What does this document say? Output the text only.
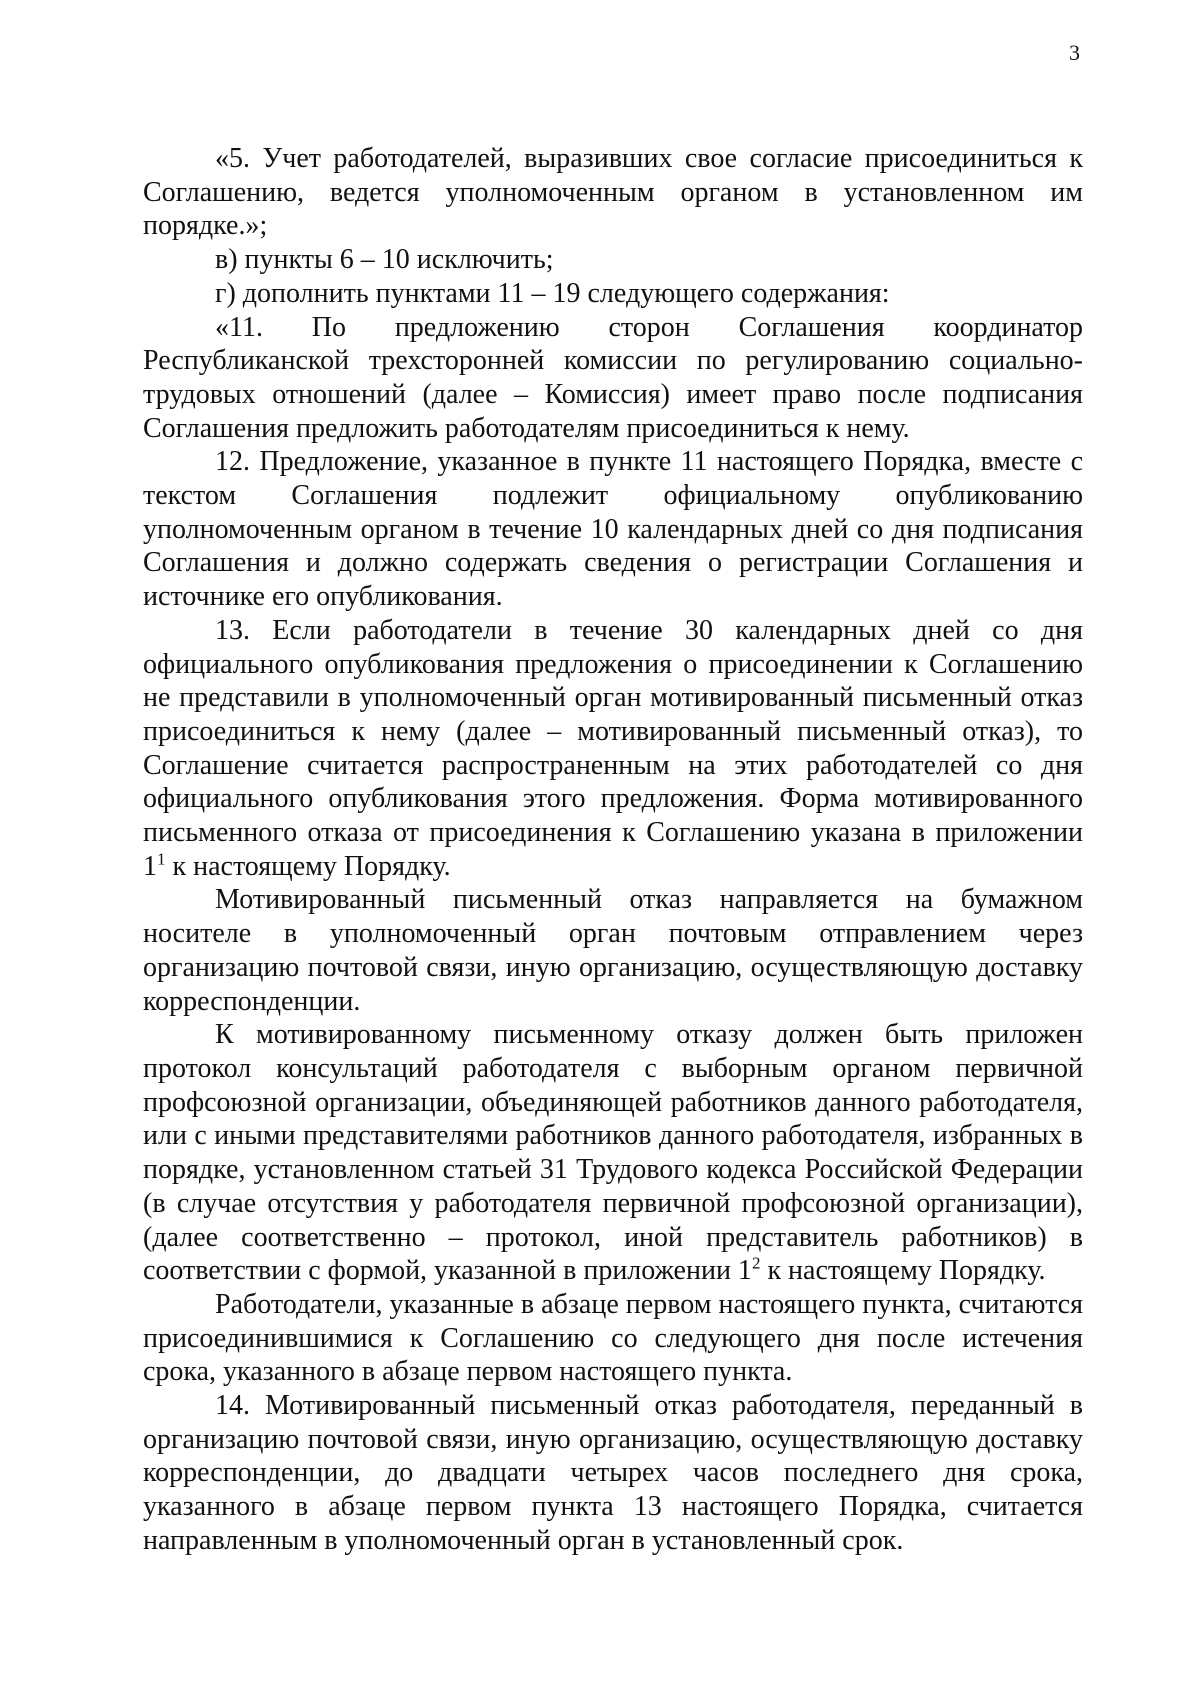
3

«5. Учет работодателей, выразивших свое согласие присоединиться к Соглашению, ведется уполномоченным органом в установленном им порядке.»;

в) пункты 6 – 10 исключить;

г) дополнить пунктами 11 – 19 следующего содержания:

«11. По предложению сторон Соглашения координатор Республиканской трехсторонней комиссии по регулированию социально-трудовых отношений (далее – Комиссия) имеет право после подписания Соглашения предложить работодателям присоединиться к нему.

12. Предложение, указанное в пункте 11 настоящего Порядка, вместе с текстом Соглашения подлежит официальному опубликованию уполномоченным органом в течение 10 календарных дней со дня подписания Соглашения и должно содержать сведения о регистрации Соглашения и источнике его опубликования.

13. Если работодатели в течение 30 календарных дней со дня официального опубликования предложения о присоединении к Соглашению не представили в уполномоченный орган мотивированный письменный отказ присоединиться к нему (далее – мотивированный письменный отказ), то Соглашение считается распространенным на этих работодателей со дня официального опубликования этого предложения. Форма мотивированного письменного отказа от присоединения к Соглашению указана в приложении $1^1$ к настоящему Порядку.

Мотивированный письменный отказ направляется на бумажном носителе в уполномоченный орган почтовым отправлением через организацию почтовой связи, иную организацию, осуществляющую доставку корреспонденции.

К мотивированному письменному отказу должен быть приложен протокол консультаций работодателя с выборным органом первичной профсоюзной организации, объединяющей работников данного работодателя, или с иными представителями работников данного работодателя, избранных в порядке, установленном статьей 31 Трудового кодекса Российской Федерации (в случае отсутствия у работодателя первичной профсоюзной организации), (далее соответственно – протокол, иной представитель работников) в соответствии с формой, указанной в приложении $1^2$ к настоящему Порядку.

Работодатели, указанные в абзаце первом настоящего пункта, считаются присоединившимися к Соглашению со следующего дня после истечения срока, указанного в абзаце первом настоящего пункта.

14. Мотивированный письменный отказ работодателя, переданный в организацию почтовой связи, иную организацию, осуществляющую доставку корреспонденции, до двадцати четырех часов последнего дня срока, указанного в абзаце первом пункта 13 настоящего Порядка, считается направленным в уполномоченный орган в установленный срок.
